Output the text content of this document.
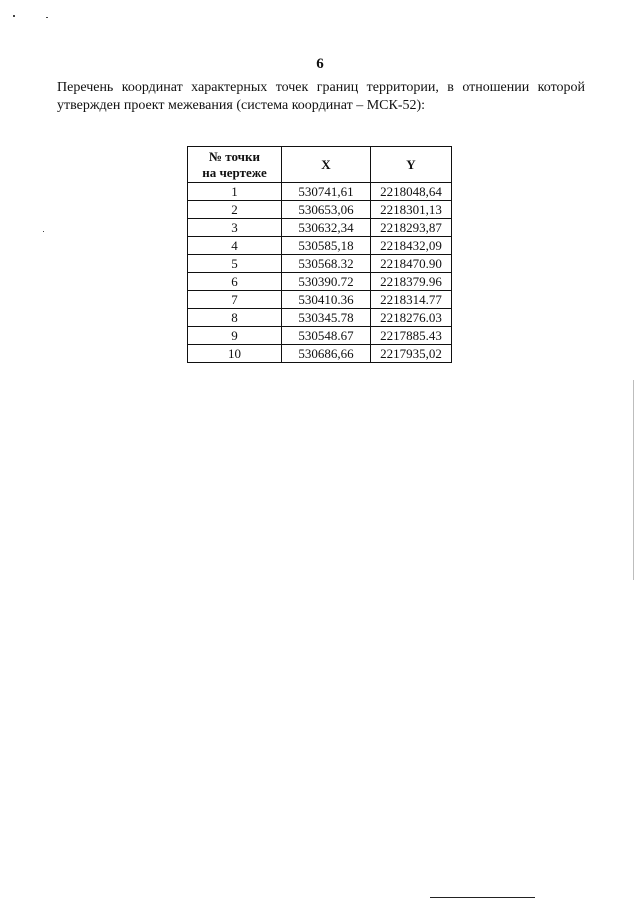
6
Перечень координат характерных точек границ территории, в отношении которой утвержден проект межевания (система координат – МСК-52):
№ точки
на чертеже	X	Y
1	530741,61	2218048,64
2	530653,06	2218301,13
3	530632,34	2218293,87
4	530585,18	2218432,09
5	530568.32	2218470.90
6	530390.72	2218379.96
7	530410.36	2218314.77
8	530345.78	2218276.03
9	530548.67	2217885.43
10	530686,66	2217935,02
